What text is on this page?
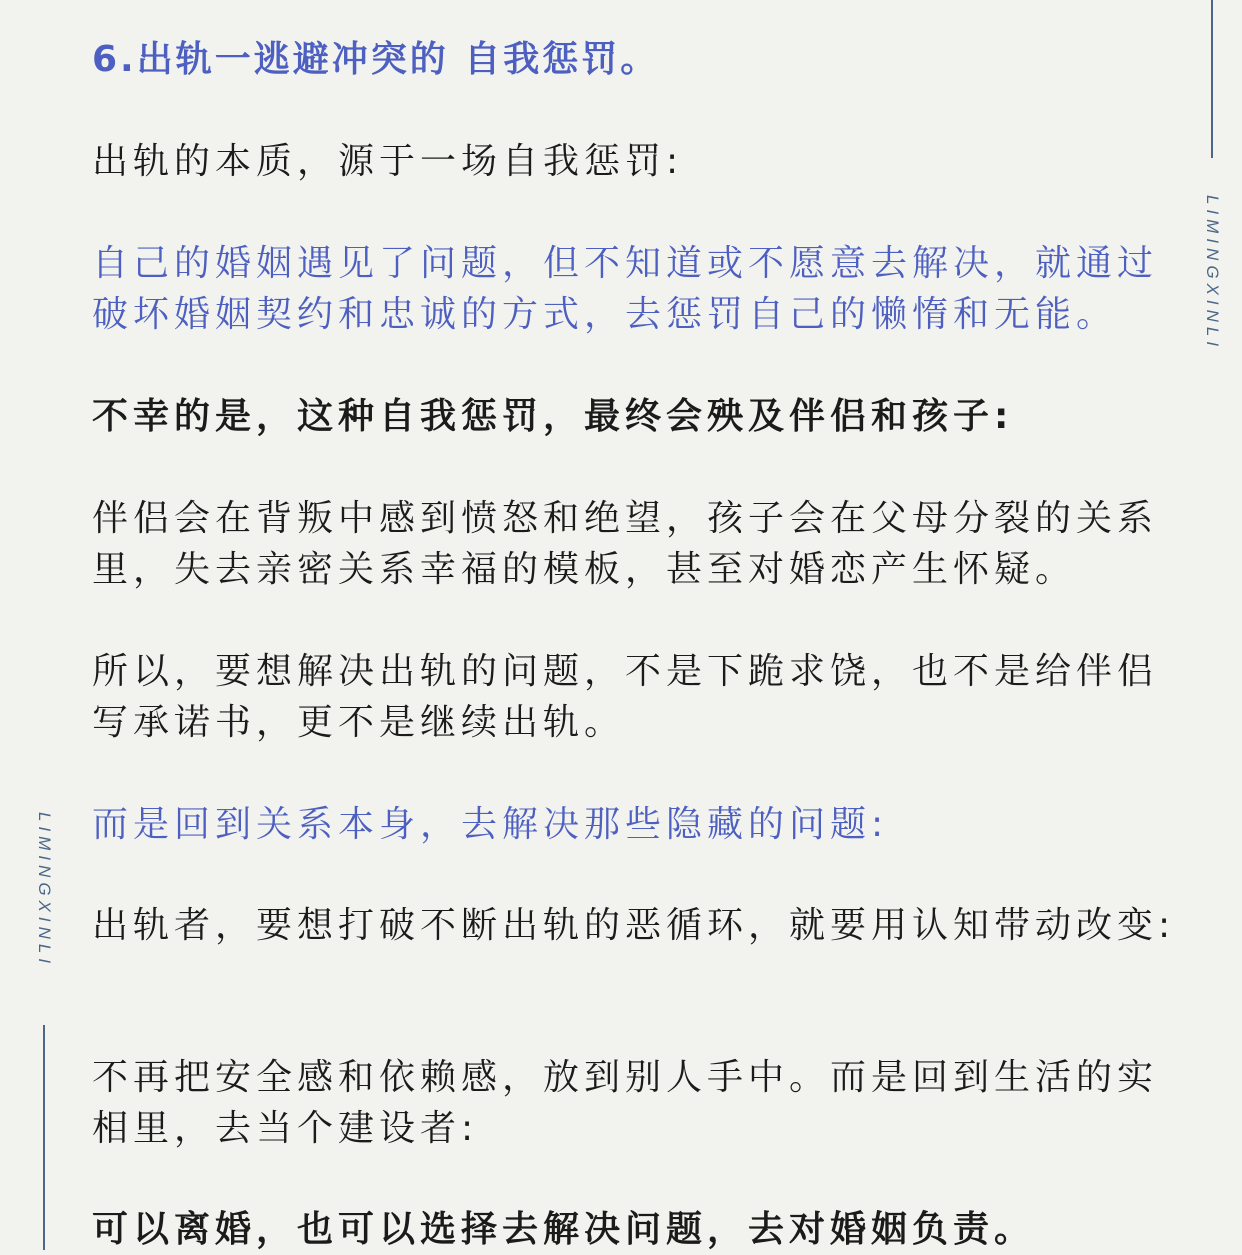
6.出轨一逃避冲突的 自我惩罚。

出轨的本质，源于一场自我惩罚:

自己的婚姻遇见了问题，但不知道或不愿意去解决，就通过破坏婚姻契约和忠诚的方式，去惩罚自己的懒惰和无能。

不幸的是，这种自我惩罚，最终会殃及伴侣和孩子:

伴侣会在背叛中感到愤怒和绝望，孩子会在父母分裂的关系里，失去亲密关系幸福的模板，甚至对婚恋产生怀疑。

所以，要想解决出轨的问题，不是下跪求饶，也不是给伴侣写承诺书，更不是继续出轨。

而是回到关系本身，去解决那些隐藏的问题:

出轨者，要想打破不断出轨的恶循环，就要用认知带动改变:

不再把安全感和依赖感，放到别人手中。而是回到生活的实相里，去当个建设者:

可以离婚，也可以选择去解决问题，去对婚姻负责。

LIMINGXINLI
LIMINGXINLI
